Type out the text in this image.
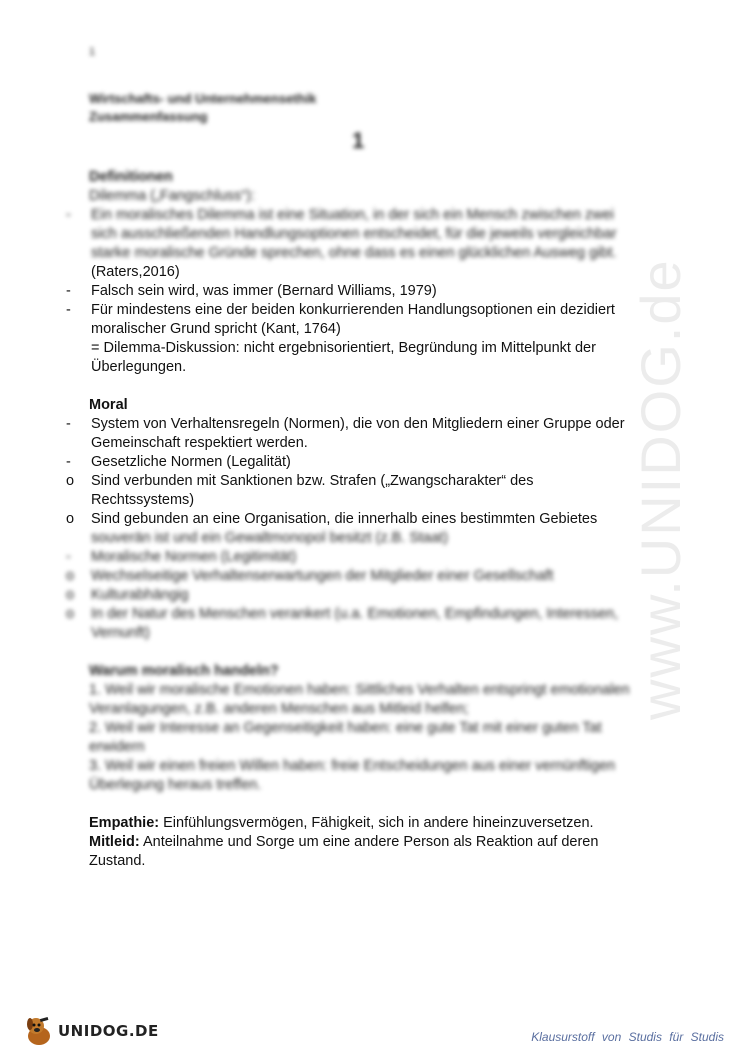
www.UNIDOG.de
1
Wirtschafts- und Unternehmensethik
Zusammenfassung
1
Definitionen
Dilemma („Fangschluss“):
-	Ein moralisches Dilemma ist eine Situation, in der sich ein Mensch zwischen zwei
sich ausschließenden Handlungsoptionen entscheidet, für die jeweils vergleichbar
starke moralische Gründe sprechen, ohne dass es einen glücklichen Ausweg gibt.
(Raters,2016)
-	Falsch sein wird, was immer (Bernard Williams, 1979)
-	Für mindestens eine der beiden konkurrierenden Handlungsoptionen ein dezidiert
moralischer Grund spricht (Kant, 1764)
= Dilemma-Diskussion: nicht ergebnisorientiert, Begründung im Mittelpunkt der
Überlegungen.
Moral
-	System von Verhaltensregeln (Normen), die von den Mitgliedern einer Gruppe oder
Gemeinschaft respektiert werden.
-	Gesetzliche Normen (Legalität)
o	Sind verbunden mit Sanktionen bzw. Strafen („Zwangscharakter“ des
Rechtssystems)
o	Sind gebunden an eine Organisation, die innerhalb eines bestimmten Gebietes
souverän ist und ein Gewaltmonopol besitzt (z.B. Staat)
-	Moralische Normen (Legitimität)
o	Wechselseitige Verhaltenserwartungen der Mitglieder einer Gesellschaft
o	Kulturabhängig
o	In der Natur des Menschen verankert (u.a. Emotionen, Empfindungen, Interessen,
Vernunft)
Warum moralisch handeln?
1. Weil wir moralische Emotionen haben: Sittliches Verhalten entspringt emotionalen
Veranlagungen, z.B. anderen Menschen aus Mitleid helfen;
2. Weil wir Interesse an Gegenseitigkeit haben: eine gute Tat mit einer guten Tat
erwidern
3. Weil wir einen freien Willen haben: freie Entscheidungen aus einer vernünftigen
Überlegung heraus treffen.
Empathie: Einfühlungsvermögen, Fähigkeit, sich in andere hineinzuversetzen.
Mitleid: Anteilnahme und Sorge um eine andere Person als Reaktion auf deren
Zustand.
UNIDOG.DE	Klausurstoff von Studis für Studis
